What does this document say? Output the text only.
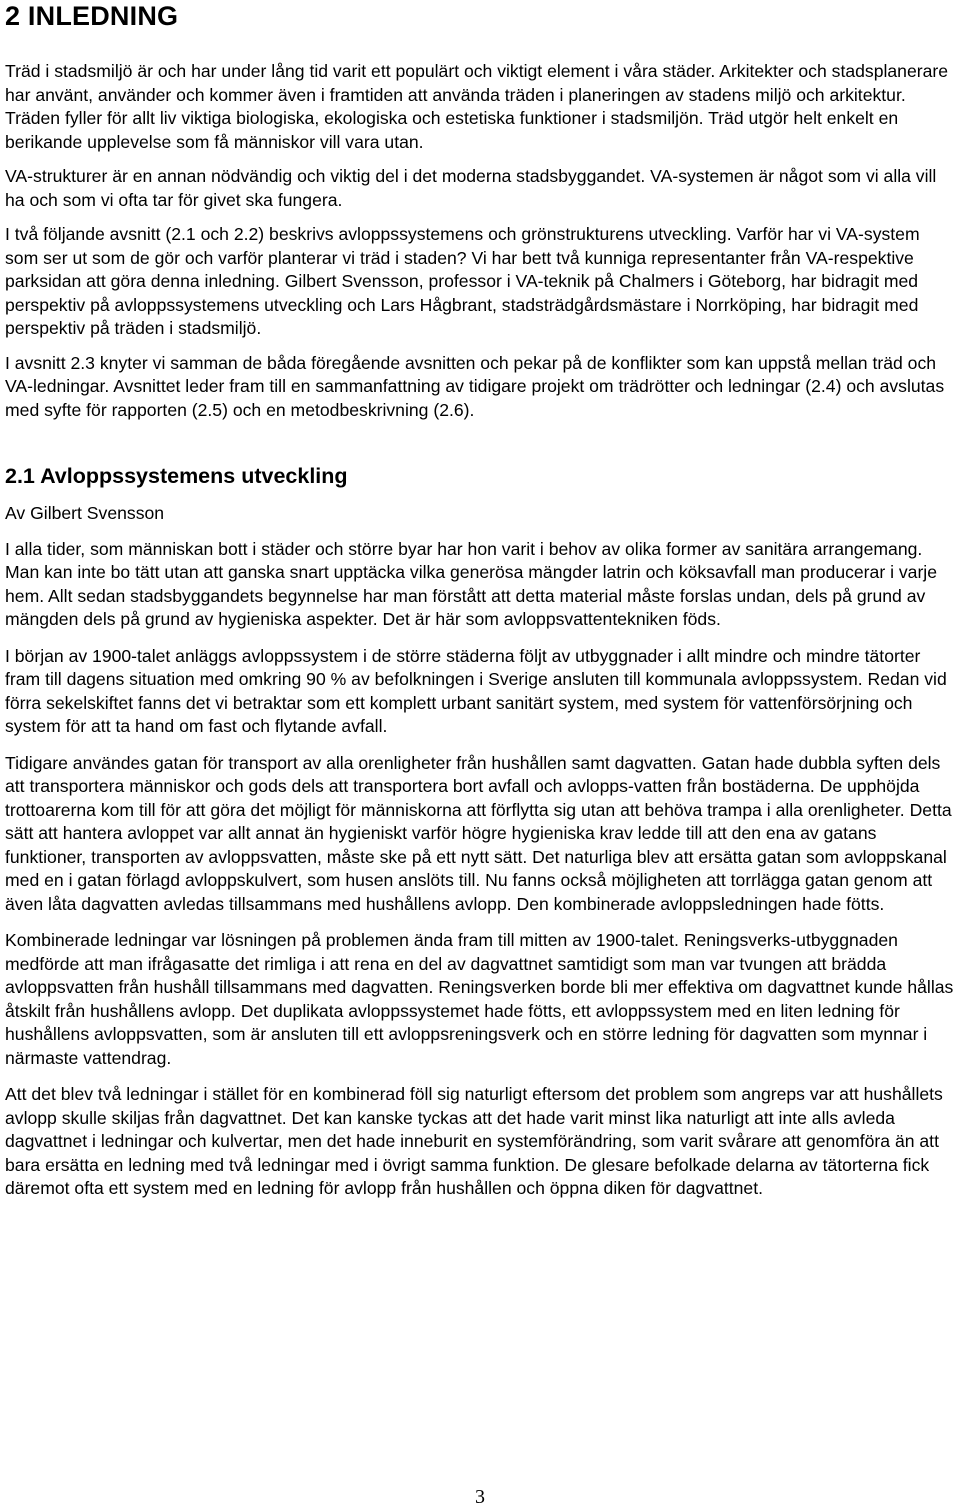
2 INLEDNING

Träd i stadsmiljö är och har under lång tid varit ett populärt och viktigt element i våra städer. Arkitekter och stadsplanerare har använt, använder och kommer även i framtiden att använda träden i planeringen av stadens miljö och arkitektur. Träden fyller för allt liv viktiga biologiska, ekologiska och estetiska funktioner i stadsmiljön. Träd utgör helt enkelt en berikande upplevelse som få människor vill vara utan.

VA-strukturer är en annan nödvändig och viktig del i det moderna stadsbyggandet. VA-systemen är något som vi alla vill ha och som vi ofta tar för givet ska fungera.

I två följande avsnitt (2.1 och 2.2) beskrivs avloppssystemens och grönstrukturens utveckling. Varför har vi VA-system som ser ut som de gör och varför planterar vi träd i staden? Vi har bett två kunniga representanter från VA-respektive parksidan att göra denna inledning. Gilbert Svensson, professor i VA-teknik på Chalmers i Göteborg, har bidragit med perspektiv på avloppssystemens utveckling och Lars Hågbrant, stadsträdgårdsmästare i Norrköping, har bidragit med perspektiv på träden i stadsmiljö.

I avsnitt 2.3 knyter vi samman de båda föregående avsnitten och pekar på de konflikter som kan uppstå mellan träd och VA-ledningar. Avsnittet leder fram till en sammanfattning av tidigare projekt om trädrötter och ledningar (2.4) och avslutas med syfte för rapporten (2.5) och en metodbeskrivning (2.6).

2.1 Avloppssystemens utveckling

Av Gilbert Svensson

I alla tider, som människan bott i städer och större byar har hon varit i behov av olika former av sanitära arrangemang. Man kan inte bo tätt utan att ganska snart upptäcka vilka generösa mängder latrin och köksavfall man producerar i varje hem. Allt sedan stadsbyggandets begynnelse har man förstått att detta material måste forslas undan, dels på grund av mängden dels på grund av hygieniska aspekter. Det är här som avloppsvattentekniken föds.

I början av 1900-talet anläggs avloppssystem i de större städerna följt av utbyggnader i allt mindre och mindre tätorter fram till dagens situation med omkring 90 % av befolkningen i Sverige ansluten till kommunala avloppssystem. Redan vid förra sekelskiftet fanns det vi betraktar som ett komplett urbant sanitärt system, med system för vattenförsörjning och system för att ta hand om fast och flytande avfall.

Tidigare användes gatan för transport av alla orenligheter från hushållen samt dagvatten. Gatan hade dubbla syften dels att transportera människor och gods dels att transportera bort avfall och avlopps-vatten från bostäderna. De upphöjda trottoarerna kom till för att göra det möjligt för människorna att förflytta sig utan att behöva trampa i alla orenligheter. Detta sätt att hantera avloppet var allt annat än hygieniskt varför högre hygieniska krav ledde till att den ena av gatans funktioner, transporten av avloppsvatten, måste ske på ett nytt sätt. Det naturliga blev att ersätta gatan som avloppskanal med en i gatan förlagd avloppskulvert, som husen anslöts till. Nu fanns också möjligheten att torrlägga gatan genom att även låta dagvatten avledas tillsammans med hushållens avlopp. Den kombinerade avloppsledningen hade fötts.

Kombinerade ledningar var lösningen på problemen ända fram till mitten av 1900-talet. Reningsverks-utbyggnaden medförde att man ifrågasatte det rimliga i att rena en del av dagvattnet samtidigt som man var tvungen att brädda avloppsvatten från hushåll tillsammans med dagvatten. Reningsverken borde bli mer effektiva om dagvattnet kunde hållas åtskilt från hushållens avlopp. Det duplikata avloppssystemet hade fötts, ett avloppssystem med en liten ledning för hushållens avloppsvatten, som är ansluten till ett avloppsreningsverk och en större ledning för dagvatten som mynnar i närmaste vattendrag.

Att det blev två ledningar i stället för en kombinerad föll sig naturligt eftersom det problem som angreps var att hushållets avlopp skulle skiljas från dagvattnet. Det kan kanske tyckas att det hade varit minst lika naturligt att inte alls avleda dagvattnet i ledningar och kulvertar, men det hade inneburit en systemförändring, som varit svårare att genomföra än att bara ersätta en ledning med två ledningar med i övrigt samma funktion. De glesare befolkade delarna av tätorterna fick däremot ofta ett system med en ledning för avlopp från hushållen och öppna diken för dagvattnet.

3
